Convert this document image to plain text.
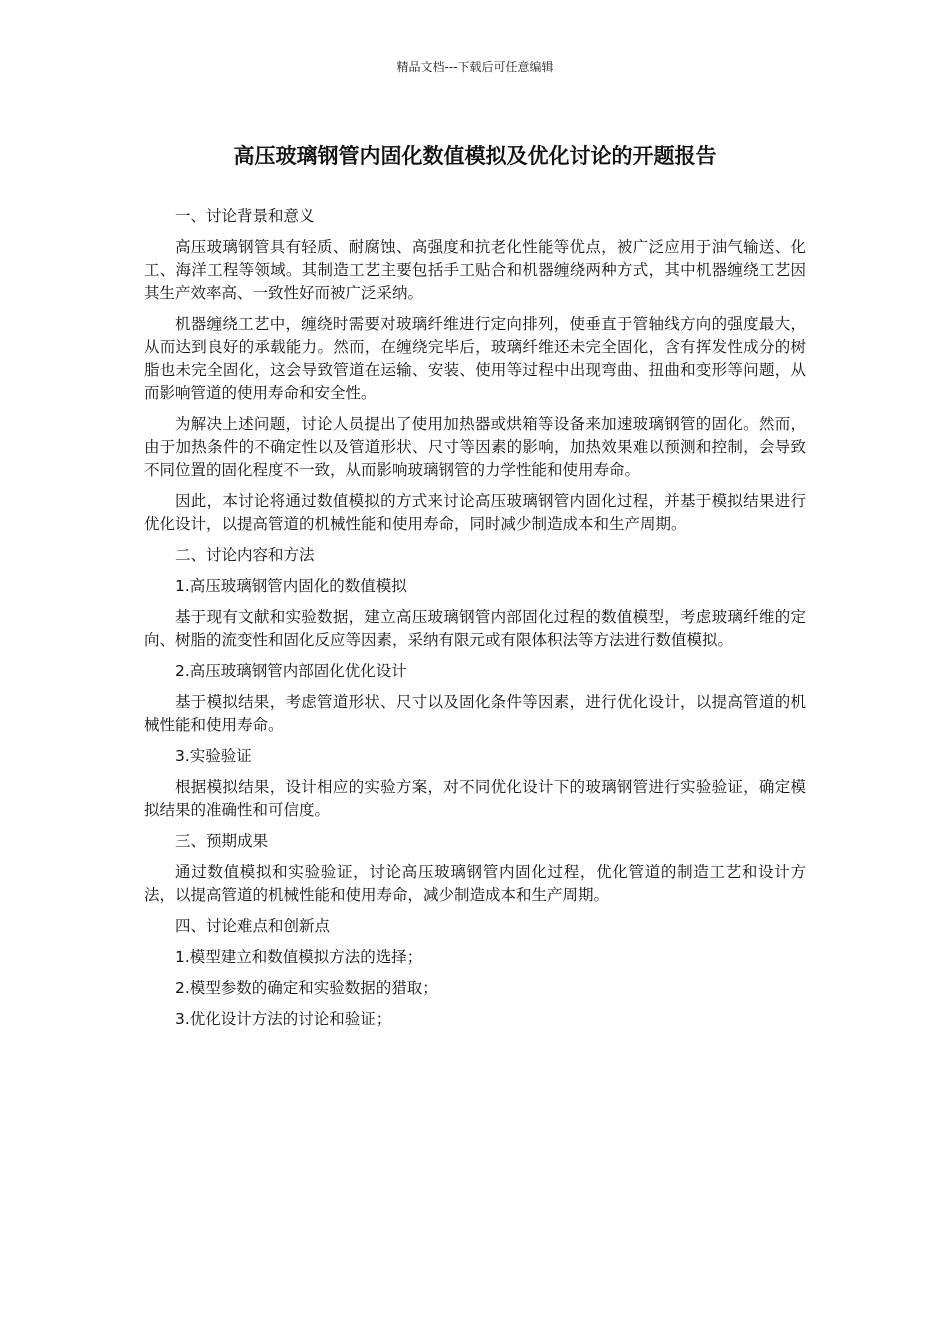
精品文档---下载后可任意编辑
高压玻璃钢管内固化数值模拟及优化讨论的开题报告

一、讨论背景和意义

高压玻璃钢管具有轻质、耐腐蚀、高强度和抗老化性能等优点，被广泛应用于油气输送、化工、海洋工程等领域。其制造工艺主要包括手工贴合和机器缠绕两种方式，其中机器缠绕工艺因其生产效率高、一致性好而被广泛采纳。

机器缠绕工艺中，缠绕时需要对玻璃纤维进行定向排列，使垂直于管轴线方向的强度最大，从而达到良好的承载能力。然而，在缠绕完毕后，玻璃纤维还未完全固化，含有挥发性成分的树脂也未完全固化，这会导致管道在运输、安装、使用等过程中出现弯曲、扭曲和变形等问题，从而影响管道的使用寿命和安全性。

为解决上述问题，讨论人员提出了使用加热器或烘箱等设备来加速玻璃钢管的固化。然而，由于加热条件的不确定性以及管道形状、尺寸等因素的影响，加热效果难以预测和控制，会导致不同位置的固化程度不一致，从而影响玻璃钢管的力学性能和使用寿命。

因此，本讨论将通过数值模拟的方式来讨论高压玻璃钢管内固化过程，并基于模拟结果进行优化设计，以提高管道的机械性能和使用寿命，同时减少制造成本和生产周期。

二、讨论内容和方法

1.高压玻璃钢管内固化的数值模拟

基于现有文献和实验数据，建立高压玻璃钢管内部固化过程的数值模型，考虑玻璃纤维的定向、树脂的流变性和固化反应等因素，采纳有限元或有限体积法等方法进行数值模拟。

2.高压玻璃钢管内部固化优化设计

基于模拟结果，考虑管道形状、尺寸以及固化条件等因素，进行优化设计，以提高管道的机械性能和使用寿命。

3.实验验证

根据模拟结果，设计相应的实验方案，对不同优化设计下的玻璃钢管进行实验验证，确定模拟结果的准确性和可信度。

三、预期成果

通过数值模拟和实验验证，讨论高压玻璃钢管内固化过程，优化管道的制造工艺和设计方法，以提高管道的机械性能和使用寿命，减少制造成本和生产周期。

四、讨论难点和创新点

1.模型建立和数值模拟方法的选择；

2.模型参数的确定和实验数据的猎取；

3.优化设计方法的讨论和验证；
